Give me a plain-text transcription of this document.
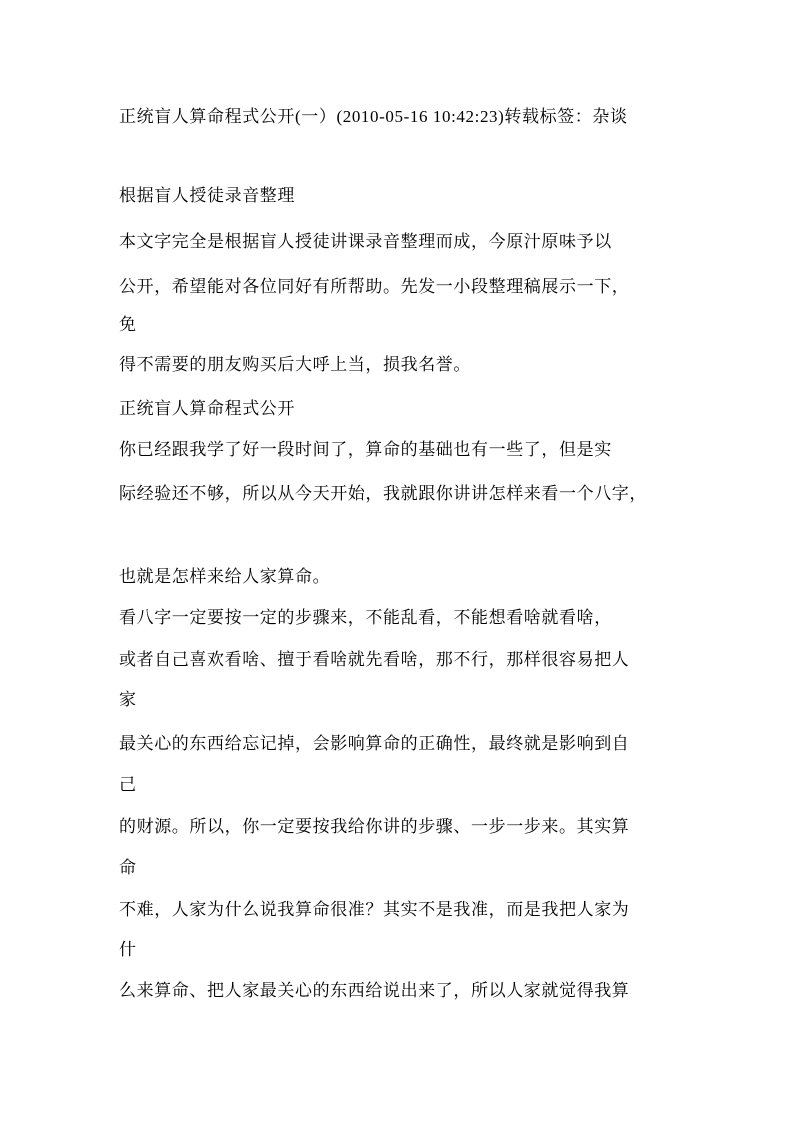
正统盲人算命程式公开(一）(2010-05-16 10:42:23)转载标签：杂谈
根据盲人授徒录音整理
本文字完全是根据盲人授徒讲课录音整理而成，今原汁原味予以
公开，希望能对各位同好有所帮助。先发一小段整理稿展示一下，
免
得不需要的朋友购买后大呼上当，损我名誉。
正统盲人算命程式公开
你已经跟我学了好一段时间了，算命的基础也有一些了，但是实
际经验还不够，所以从今天开始，我就跟你讲讲怎样来看一个八字，
也就是怎样来给人家算命。
看八字一定要按一定的步骤来，不能乱看，不能想看啥就看啥，
或者自己喜欢看啥、擅于看啥就先看啥，那不行，那样很容易把人
家
最关心的东西给忘记掉，会影响算命的正确性，最终就是影响到自
己
的财源。所以，你一定要按我给你讲的步骤、一步一步来。其实算
命
不难，人家为什么说我算命很准？其实不是我准，而是我把人家为
什
么来算命、把人家最关心的东西给说出来了，所以人家就觉得我算
